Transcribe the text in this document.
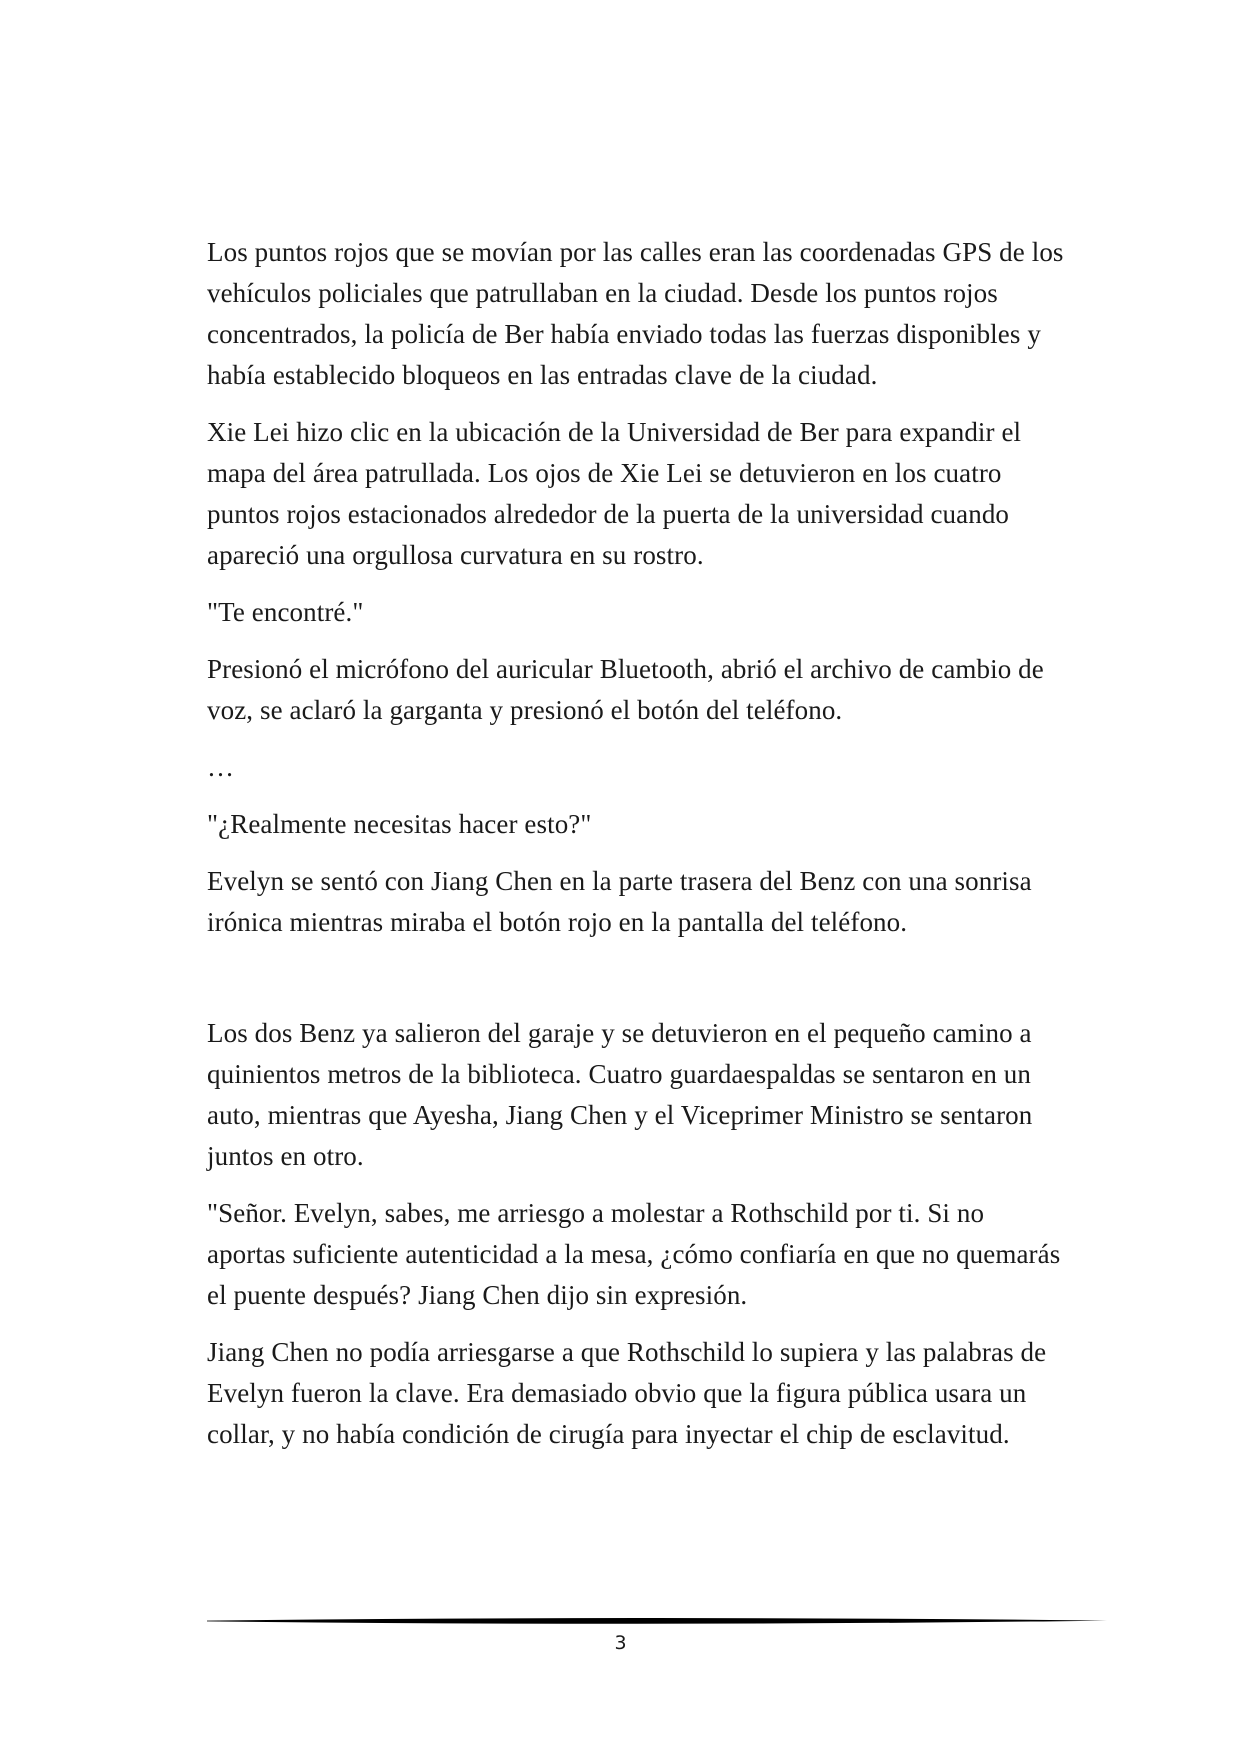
Los puntos rojos que se movían por las calles eran las coordenadas GPS de los vehículos policiales que patrullaban en la ciudad. Desde los puntos rojos concentrados, la policía de Ber había enviado todas las fuerzas disponibles y había establecido bloqueos en las entradas clave de la ciudad.

Xie Lei hizo clic en la ubicación de la Universidad de Ber para expandir el mapa del área patrullada. Los ojos de Xie Lei se detuvieron en los cuatro puntos rojos estacionados alrededor de la puerta de la universidad cuando apareció una orgullosa curvatura en su rostro.

"Te encontré."

Presionó el micrófono del auricular Bluetooth, abrió el archivo de cambio de voz, se aclaró la garganta y presionó el botón del teléfono.

…

"¿Realmente necesitas hacer esto?"

Evelyn se sentó con Jiang Chen en la parte trasera del Benz con una sonrisa irónica mientras miraba el botón rojo en la pantalla del teléfono.

Los dos Benz ya salieron del garaje y se detuvieron en el pequeño camino a quinientos metros de la biblioteca. Cuatro guardaespaldas se sentaron en un auto, mientras que Ayesha, Jiang Chen y el Viceprimer Ministro se sentaron juntos en otro.

"Señor. Evelyn, sabes, me arriesgo a molestar a Rothschild por ti. Si no aportas suficiente autenticidad a la mesa, ¿cómo confiaría en que no quemarás el puente después? Jiang Chen dijo sin expresión.

Jiang Chen no podía arriesgarse a que Rothschild lo supiera y las palabras de Evelyn fueron la clave. Era demasiado obvio que la figura pública usara un collar, y no había condición de cirugía para inyectar el chip de esclavitud.

3
